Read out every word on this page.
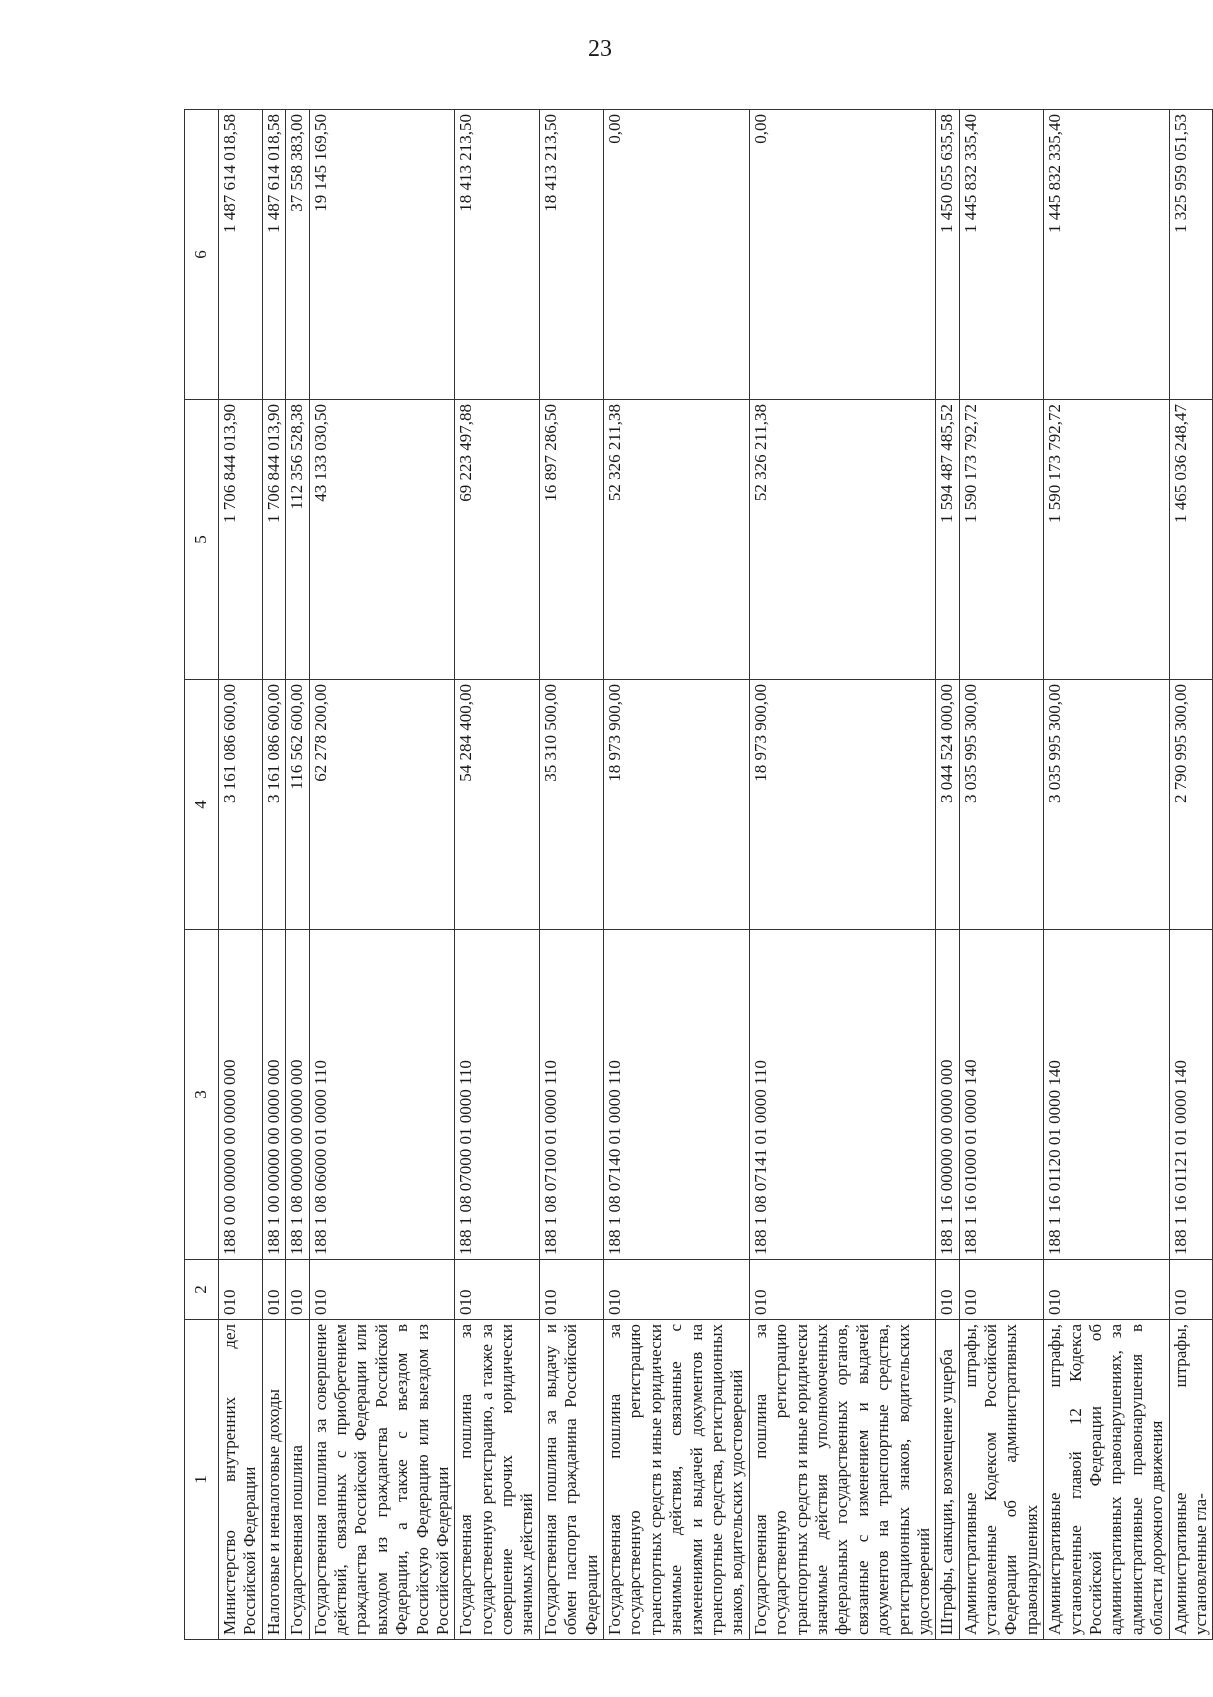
23
1	2	3	4	5	6
Министерство внутренних дел Российской Федерации	010	188 0 00 00000 00 0000 000	3 161 086 600,00	1 706 844 013,90	1 487 614 018,58
Налоговые и неналоговые доходы	010	188 1 00 00000 00 0000 000	3 161 086 600,00	1 706 844 013,90	1 487 614 018,58
Государственная пошлина	010	188 1 08 00000 00 0000 000	116 562 600,00	112 356 528,38	37 558 383,00
Государственная пошлина за совершение действий, связанных с приобретением гражданства Российской Федерации или выходом из гражданства Российской Федерации, а также с въездом в Российскую Федерацию или выездом из Российской Федерации	010	188 1 08 06000 01 0000 110	62 278 200,00	43 133 030,50	19 145 169,50
Государственная пошлина за государственную регистрацию, а также за совершение прочих юридически значимых действий	010	188 1 08 07000 01 0000 110	54 284 400,00	69 223 497,88	18 413 213,50
Государственная пошлина за выдачу и обмен паспорта гражданина Российской Федерации	010	188 1 08 07100 01 0000 110	35 310 500,00	16 897 286,50	18 413 213,50
Государственная пошлина за государственную регистрацию транспортных средств и иные юридически значимые действия, связанные с изменениями и выдачей документов на транспортные средства, регистрационных знаков, водительских удостоверений	010	188 1 08 07140 01 0000 110	18 973 900,00	52 326 211,38	0,00
Государственная пошлина за государственную регистрацию транспортных средств и иные юридически значимые действия уполномоченных федеральных государственных органов, связанные с изменением и выдачей документов на транспортные средства, регистрационных знаков, водительских удостоверений	010	188 1 08 07141 01 0000 110	18 973 900,00	52 326 211,38	0,00
Штрафы, санкции, возмещение ущерба	010	188 1 16 00000 00 0000 000	3 044 524 000,00	1 594 487 485,52	1 450 055 635,58
Административные штрафы, установленные Кодексом Российской Федерации об административных правонарушениях	010	188 1 16 01000 01 0000 140	3 035 995 300,00	1 590 173 792,72	1 445 832 335,40
Административные штрафы, установленные главой 12 Кодекса Российской Федерации об административных правонарушениях, за административные правонарушения в области дорожного движения	010	188 1 16 01120 01 0000 140	3 035 995 300,00	1 590 173 792,72	1 445 832 335,40
Административные штрафы, установленные гла-	010	188 1 16 01121 01 0000 140	2 790 995 300,00	1 465 036 248,47	1 325 959 051,53
